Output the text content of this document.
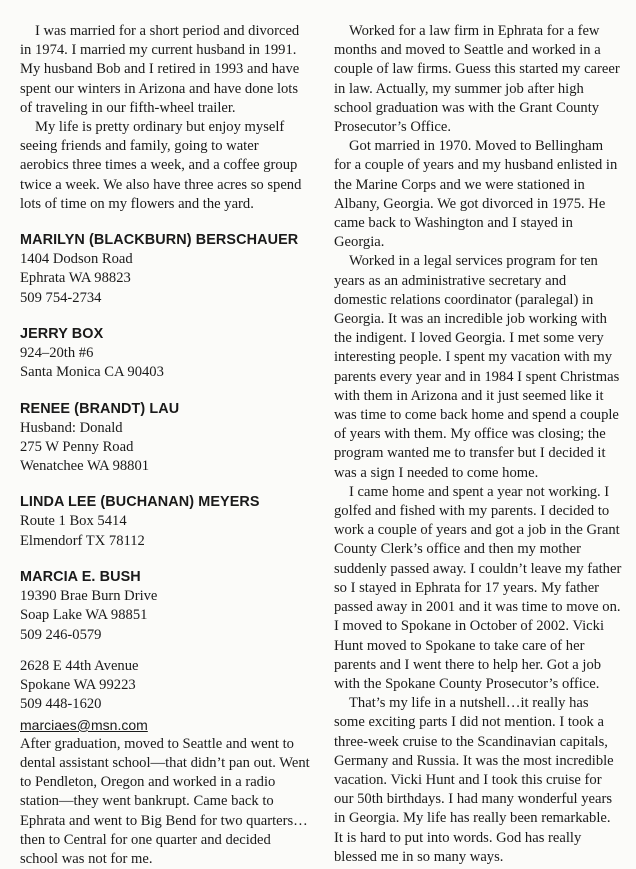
I was married for a short period and divorced in 1974. I married my current husband in 1991. My husband Bob and I retired in 1993 and have spent our winters in Arizona and have done lots of traveling in our fifth-wheel trailer.

My life is pretty ordinary but enjoy myself seeing friends and family, going to water aerobics three times a week, and a coffee group twice a week. We also have three acres so spend lots of time on my flowers and the yard.

MARILYN (BLACKBURN) BERSCHAUER
1404 Dodson Road
Ephrata WA 98823
509 754-2734
JERRY BOX
924–20th #6
Santa Monica CA 90403
RENEE (BRANDT) LAU
Husband: Donald
275 W Penny Road
Wenatchee WA 98801
LINDA LEE (BUCHANAN) MEYERS
Route 1 Box 5414
Elmendorf TX 78112
MARCIA E. BUSH
19390 Brae Burn Drive
Soap Lake WA 98851
509 246-0579
2628 E 44th Avenue
Spokane WA 99223
509 448-1620
marciaes@msn.com

After graduation, moved to Seattle and went to dental assistant school—that didn’t pan out. Went to Pendleton, Oregon and worked in a radio station—they went bankrupt. Came back to Ephrata and went to Big Bend for two quarters…then to Central for one quarter and decided school was not for me.

Worked for a law firm in Ephrata for a few months and moved to Seattle and worked in a couple of law firms. Guess this started my career in law. Actually, my summer job after high school graduation was with the Grant County Prosecutor’s Office.

Got married in 1970. Moved to Bellingham for a couple of years and my husband enlisted in the Marine Corps and we were stationed in Albany, Georgia. We got divorced in 1975. He came back to Washington and I stayed in Georgia.

Worked in a legal services program for ten years as an administrative secretary and domestic relations coordinator (paralegal) in Georgia. It was an incredible job working with the indigent. I loved Georgia. I met some very interesting people. I spent my vacation with my parents every year and in 1984 I spent Christmas with them in Arizona and it just seemed like it was time to come back home and spend a couple of years with them. My office was closing; the program wanted me to transfer but I decided it was a sign I needed to come home.

I came home and spent a year not working. I golfed and fished with my parents. I decided to work a couple of years and got a job in the Grant County Clerk’s office and then my mother suddenly passed away. I couldn’t leave my father so I stayed in Ephrata for 17 years. My father passed away in 2001 and it was time to move on. I moved to Spokane in October of 2002. Vicki Hunt moved to Spokane to take care of her parents and I went there to help her. Got a job with the Spokane County Prosecutor’s office.

That’s my life in a nutshell…it really has some exciting parts I did not mention. I took a three-week cruise to the Scandinavian capitals, Germany and Russia. It was the most incredible vacation. Vicki Hunt and I took this cruise for our 50th birthdays. I had many wonderful years in Georgia. My life has really been remarkable. It is hard to put into words. God has really blessed me in so many ways.
